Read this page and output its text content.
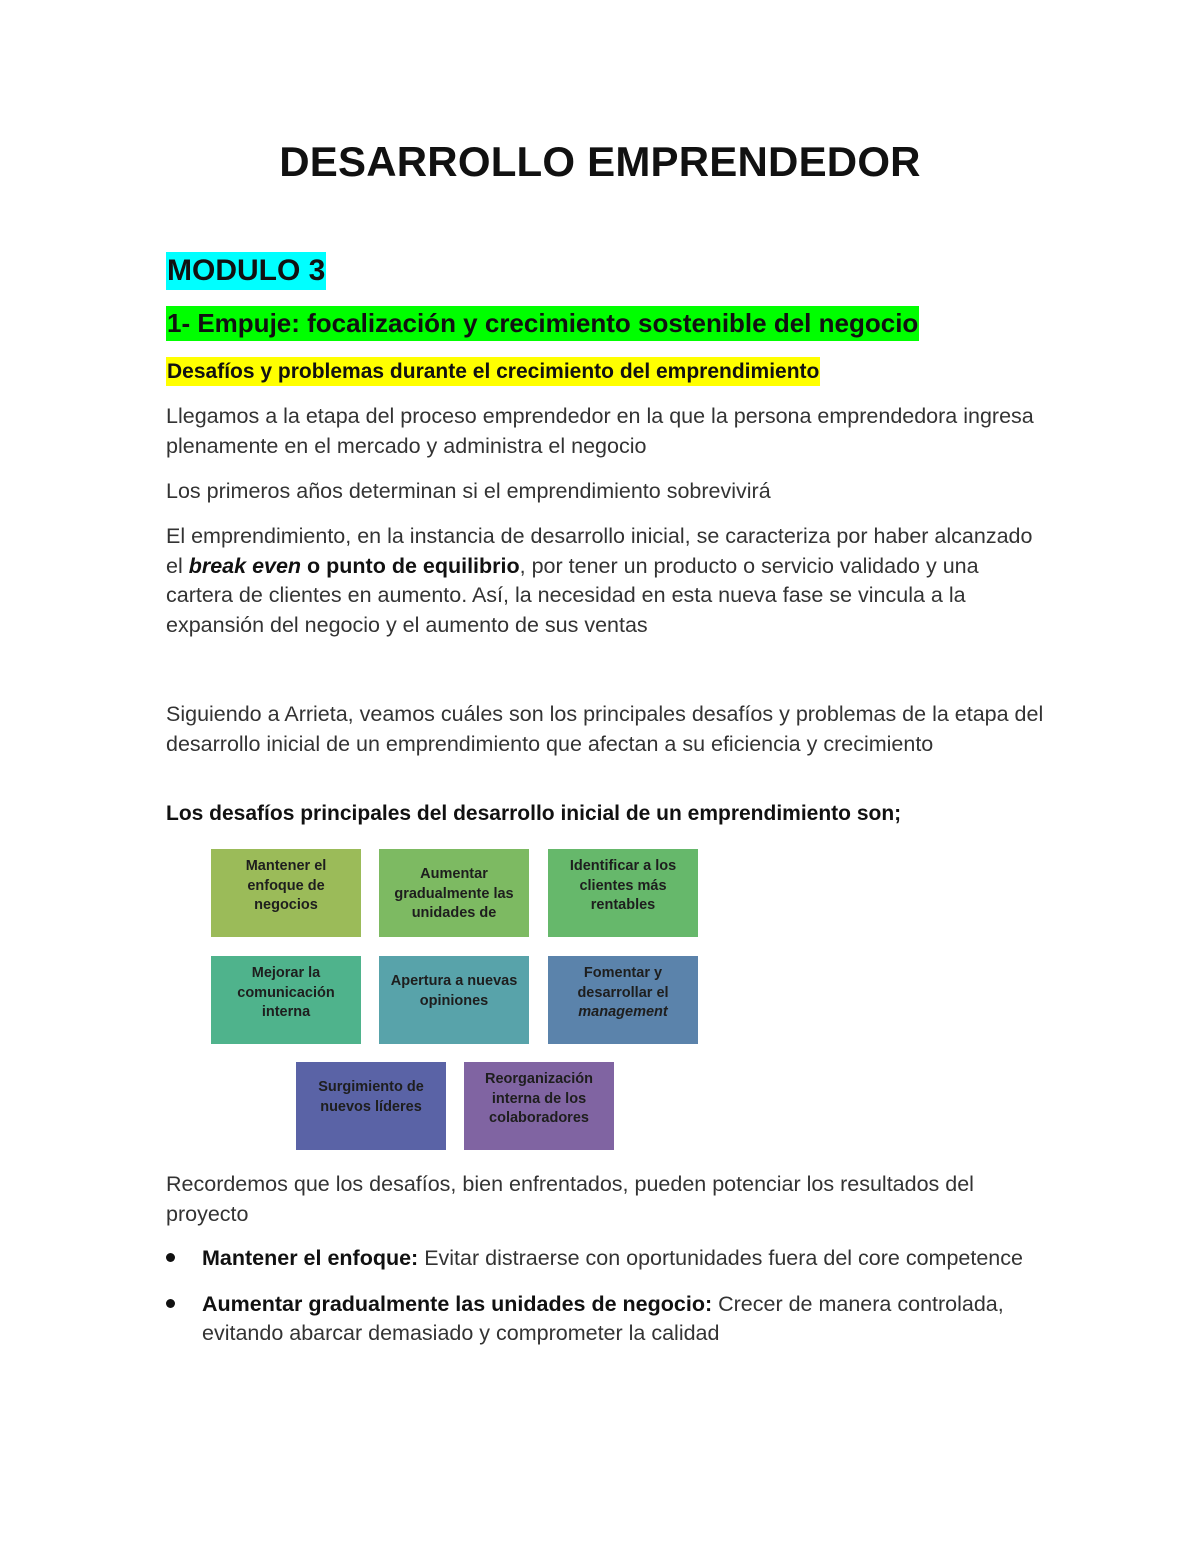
DESARROLLO EMPRENDEDOR
MODULO 3
1- Empuje: focalización y crecimiento sostenible del negocio
Desafíos y problemas durante el crecimiento del emprendimiento

Llegamos a la etapa del proceso emprendedor en la que la persona emprendedora ingresa plenamente en el mercado y administra el negocio

Los primeros años determinan si el emprendimiento sobrevivirá

El emprendimiento, en la instancia de desarrollo inicial, se caracteriza por haber alcanzado el break even o punto de equilibrio, por tener un producto o servicio validado y una cartera de clientes en aumento. Así, la necesidad en esta nueva fase se vincula a la expansión del negocio y el aumento de sus ventas

Siguiendo a Arrieta, veamos cuáles son los principales desafíos y problemas de la etapa del desarrollo inicial de un emprendimiento que afectan a su eficiencia y crecimiento

Los desafíos principales del desarrollo inicial de un emprendimiento son;

Mantener el enfoque de negocios
Aumentar gradualmente las unidades de
Identificar a los clientes más rentables
Mejorar la comunicación interna
Apertura a nuevas opiniones
Fomentar y desarrollar el management
Surgimiento de nuevos líderes
Reorganización interna de los colaboradores

Recordemos que los desafíos, bien enfrentados, pueden potenciar los resultados del proyecto

Mantener el enfoque: Evitar distraerse con oportunidades fuera del core competence
Aumentar gradualmente las unidades de negocio: Crecer de manera controlada, evitando abarcar demasiado y comprometer la calidad
